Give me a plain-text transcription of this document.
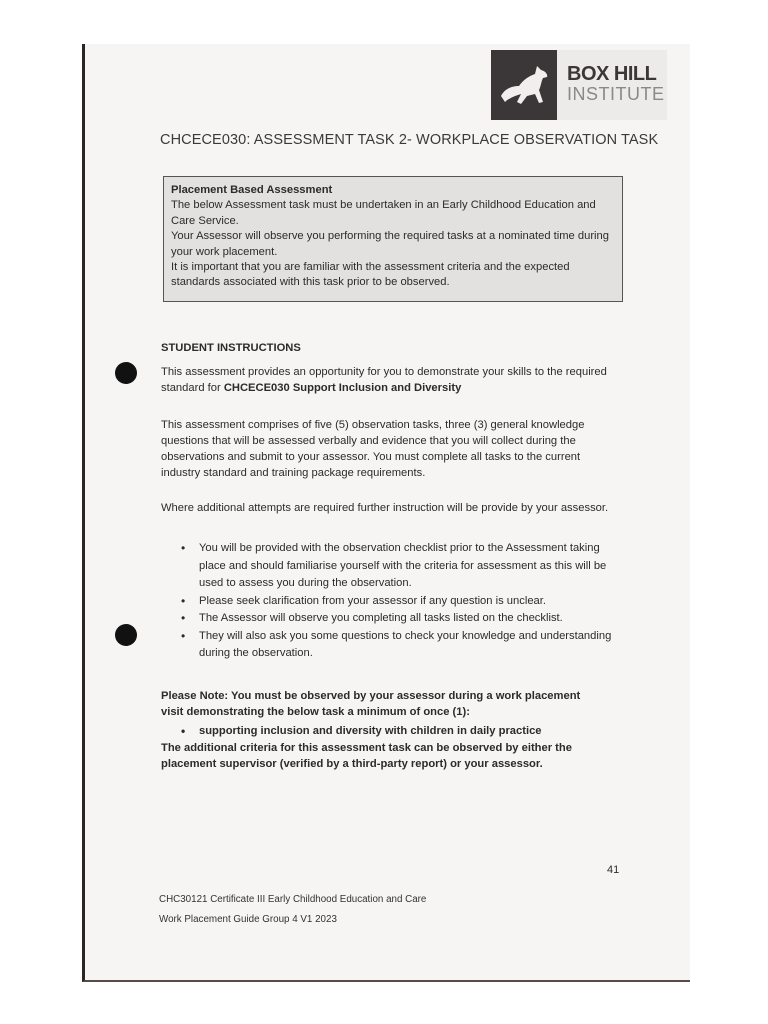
BOX HILL
INSTITUTE
CHCECE030: ASSESSMENT TASK 2- WORKPLACE OBSERVATION TASK

Placement Based Assessment

The below Assessment task must be undertaken in an Early Childhood Education and Care Service.

Your Assessor will observe you performing the required tasks at a nominated time during your work placement.

It is important that you are familiar with the assessment criteria and the expected standards associated with this task prior to be observed.

STUDENT INSTRUCTIONS
This assessment provides an opportunity for you to demonstrate your skills to the required standard for CHCECE030 Support Inclusion and Diversity
This assessment comprises of five (5) observation tasks, three (3) general knowledge questions that will be assessed verbally and evidence that you will collect during the observations and submit to your assessor. You must complete all tasks to the current industry standard and training package requirements.
Where additional attempts are required further instruction will be provide by your assessor.
• You will be provided with the observation checklist prior to the Assessment taking place and should familiarise yourself with the criteria for assessment as this will be used to assess you during the observation.
• Please seek clarification from your assessor if any question is unclear.
• The Assessor will observe you completing all tasks listed on the checklist.
• They will also ask you some questions to check your knowledge and understanding during the observation.
Please Note: You must be observed by your assessor during a work placement visit demonstrating the below task a minimum of once (1):
• supporting inclusion and diversity with children in daily practice
The additional criteria for this assessment task can be observed by either the placement supervisor (verified by a third-party report) or your assessor.
41
CHC30121 Certificate III Early Childhood Education and Care
Work Placement Guide Group 4 V1 2023
